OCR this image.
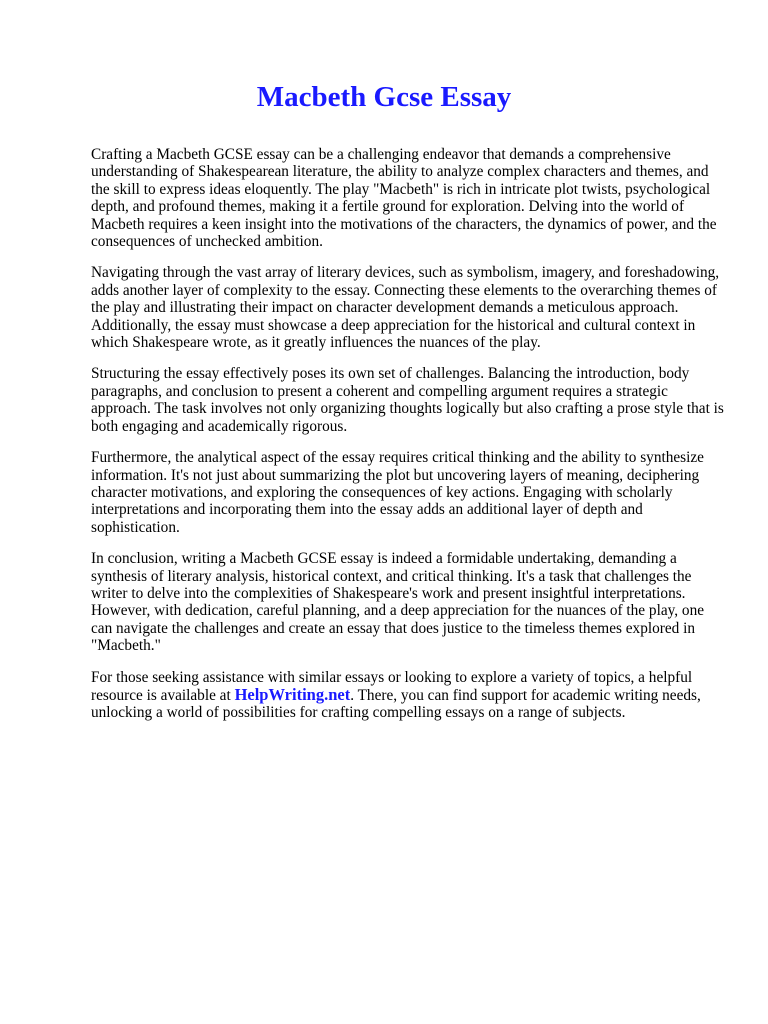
Macbeth Gcse Essay

Crafting a Macbeth GCSE essay can be a challenging endeavor that demands a comprehensive understanding of Shakespearean literature, the ability to analyze complex characters and themes, and the skill to express ideas eloquently. The play "Macbeth" is rich in intricate plot twists, psychological depth, and profound themes, making it a fertile ground for exploration. Delving into the world of Macbeth requires a keen insight into the motivations of the characters, the dynamics of power, and the consequences of unchecked ambition.

Navigating through the vast array of literary devices, such as symbolism, imagery, and foreshadowing, adds another layer of complexity to the essay. Connecting these elements to the overarching themes of the play and illustrating their impact on character development demands a meticulous approach. Additionally, the essay must showcase a deep appreciation for the historical and cultural context in which Shakespeare wrote, as it greatly influences the nuances of the play.

Structuring the essay effectively poses its own set of challenges. Balancing the introduction, body paragraphs, and conclusion to present a coherent and compelling argument requires a strategic approach. The task involves not only organizing thoughts logically but also crafting a prose style that is both engaging and academically rigorous.

Furthermore, the analytical aspect of the essay requires critical thinking and the ability to synthesize information. It's not just about summarizing the plot but uncovering layers of meaning, deciphering character motivations, and exploring the consequences of key actions. Engaging with scholarly interpretations and incorporating them into the essay adds an additional layer of depth and sophistication.

In conclusion, writing a Macbeth GCSE essay is indeed a formidable undertaking, demanding a synthesis of literary analysis, historical context, and critical thinking. It's a task that challenges the writer to delve into the complexities of Shakespeare's work and present insightful interpretations. However, with dedication, careful planning, and a deep appreciation for the nuances of the play, one can navigate the challenges and create an essay that does justice to the timeless themes explored in "Macbeth."

For those seeking assistance with similar essays or looking to explore a variety of topics, a helpful resource is available at HelpWriting.net. There, you can find support for academic writing needs, unlocking a world of possibilities for crafting compelling essays on a range of subjects.
